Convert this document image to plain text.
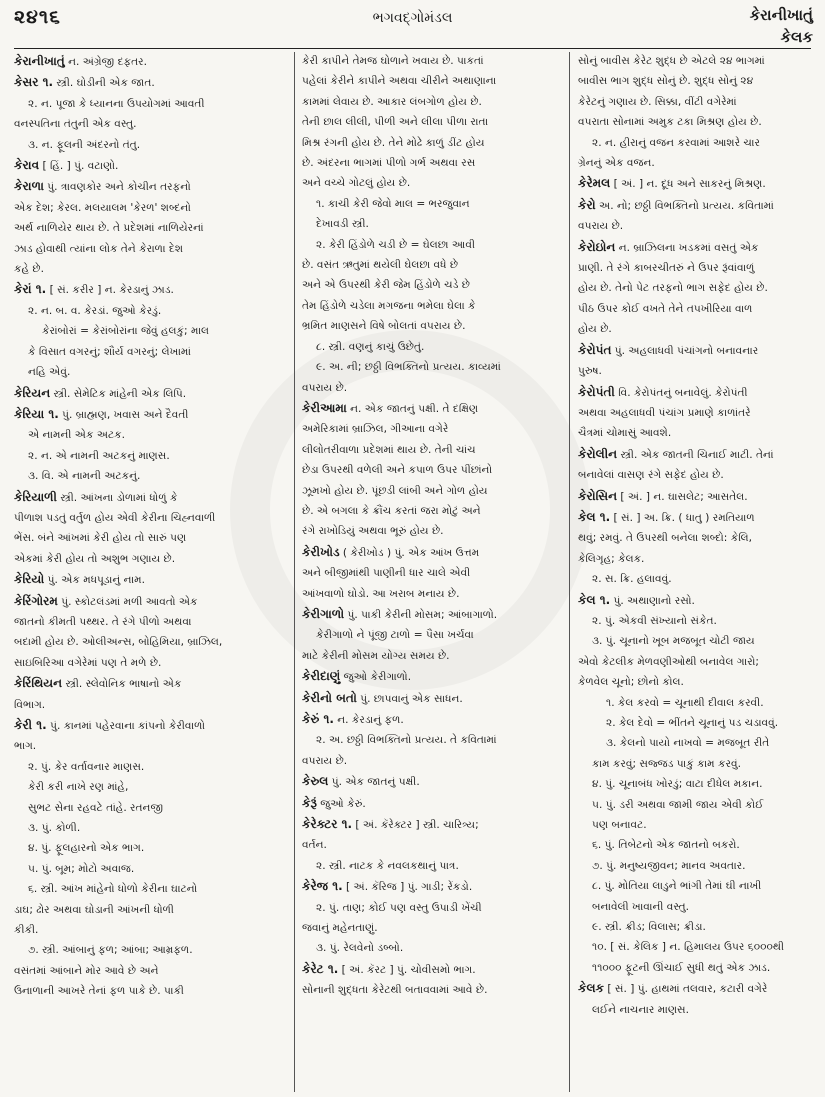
૨૪૧૬	ભગવદ્ગોમંડલ	કેરાનીખાતું
કેલક

કેરાનીખાતું ન. અંગ્રેજી દફતર.

કેસર ૧. સ્ત્રી. ઘોડીની એક જાત.

૨. ન. પૂજા કે ધ્યાનના ઉપયોગમાં આવતી

વનસ્પતિના તંતુની એક વસ્તુ.

૩. ન. ફૂલની અંદરનો તંતુ.

કેરાવ [ હિં. ] પું. વટાણો.

કેરાળા પું. ત્રાવણકોર અને કોચીન તરફનો

એક દેશ; કેરલ. મલયાલમ 'કેરળ' શબ્દનો

અર્થ નાળિયેર થાય છે. તે પ્રદેશમાં નાળિયેરનાં

ઝાડ હોવાથી ત્યાંના લોક તેને કેરાળા દેશ

કહે છે.

કેરાં ૧. [ સં. કરીર ] ન. કેરડાનું ઝાડ.

૨. ન. બ. વ. કેરડાં. જુઓ કેરડું.

કેરાંબોરાં = કેરાંબોરાંના જેવું હલકું; માલ

કે વિસાત વગરનું; શૌર્ય વગરનું; લેખામાં

નહિ એવું.

કેરિયન સ્ત્રી. સેમેટિક માંહેની એક લિપિ.

કેરિયા ૧. પું. બ્રાહ્મણ, ખવાસ અને દૈવતી

એ નામની એક અટક.

૨. ન. એ નામની અટકનું માણસ.

૩. વિ. એ નામની અટકનું.

કેરિયાળી સ્ત્રી. આંખના ડોળામાં ધોળું કે

પીળાશ પડતું વર્તુળ હોય એવી કેરીના ચિહ્નવાળી

ભેંસ. બંને આંખમાં કેરી હોય તો સારું પણ

એકમાં કેરી હોય તો અશુભ ગણાય છે.

કેરિયો પું. એક મધપૂડાનું નામ.

કેરિંગોરમ પું. સ્કોટલંડમાં મળી આવતો એક

જાતનો કીમતી પથ્થર. તે રંગે પીળો અથવા

બદામી હોય છે. ઓલીઅન્સ, બોહિમિયા, બ્રાઝિલ,

સાઇબિરિઆ વગેરેમાં પણ તે મળે છે.

કેરિંથિયન સ્ત્રી. સ્લેવોનિક ભાષાનો એક

વિભાગ.

કેરી ૧. પું. કાનમાં પહેરવાના કાંપનો કેરીવાળો

ભાગ.

૨. પું. કેર વર્તાવનાર માણસ.

કેરી કરી નાખે રણ માંહે,

સુભટ સેના રહવટે તાંહે. રતનજી

૩. પું. કોળી.

૪. પું. ફૂલહારનો એક ભાગ.

૫. પું. બૂમ; મોટો અવાજ.

૬. સ્ત્રી. આંખ માંહેનો ધોળો કેરીના ઘાટનો

ડાઘ; ઢોર અથવા ઘોડાની આંખની ધોળી

કીકી.

૭. સ્ત્રી. આંબાનું ફળ; આંબા; આમ્રફળ.

વસંતમાં આંબાને મોર આવે છે અને

ઉનાળાની આખરે તેનાં ફળ પાકે છે. પાકી

કેરી કાપીને તેમજ ઘોળાને ખવાય છે. પાકતાં

પહેલાં કેરીને કાપીને અથવા ચીરીને અથાણાના

કામમાં લેવાય છે. આકાર લંબગોળ હોય છે.

તેની છાલ લીલી, પીળી અને લીલા પીળા રાતા

મિશ્ર રંગની હોય છે. તેને મોઢે કાળું ડીંટ હોય

છે. અંદરના ભાગમાં પીળો ગર્ભ અથવા રસ

અને વચ્ચે ગોટલું હોય છે.

૧. કાચી કેરી જેવો માલ = ભરજુવાન

દેખાવડી સ્ત્રી.

૨. કેરી હિંડોળે ચડી છે = ઘેલછા આવી

છે. વસંત ઋતુમાં થયેલી ઘેલછા વધે છે

અને એ ઉપરથી કેરી જેમ હિંડોળે ચડે છે

તેમ હિંડોળે ચડેલા મગજના ભમેલા ઘેલા કે

ભ્રમિત માણસને વિષે બોલતાં વપરાય છે.

૮. સ્ત્રી. વણનું કાચું ઉછેતું.

૯. અ. ની; છઠ્ઠી વિભક્તિનો પ્રત્યય. કાવ્યમાં

વપરાય છે.

કેરીઆમા ન. એક જાતનું પક્ષી. તે દક્ષિણ

અમેરિકામાં બ્રાઝિલ, ગીઆના વગેરે

લીલોતરીવાળા પ્રદેશમાં થાય છે. તેની ચાંચ

છેડા ઉપરથી વળેલી અને કપાળ ઉપર પીંછાંનો

ઝૂમખો હોય છે. પૂંછડી લાંબી અને ગોળ હોય

છે. એ બગલા કે ક્રૌંચ કરતાં જરા મોટું અને

રંગે રાખોડિયું અથવા ભૂરું હોય છે.

કેરીખોડ ( કેરીખોડ ) પું. એક આંખ ઉત્તમ

અને બીજીમાંથી પાણીની ધાર ચાલે એવી

આંખવાળો ઘોડો. આ ખરાબ મનાય છે.

કેરીગાળો પું. પાકી કેરીની મોસમ; આંબાગાળો.

કેરીગાળો ને પૂંજી ટાળો = પૈસા ખર્ચવા

માટે કેરીની મોસમ યોગ્ય સમય છે.

કેરીદાણું જુઓ કેરીગાળો.

કેરીનો બતો પું. છાપવાનું એક સાધન.

કેરું ૧. ન. કેરડાનું ફળ.

૨. અ. છઠ્ઠી વિભક્તિનો પ્રત્યય. તે કવિતામાં

વપરાય છે.

કેરુલ પું. એક જાતનું પક્ષી.

કેરૂં જુઓ કેરું.

કેરેક્ટર ૧. [ અં. કૅરેક્ટર ] સ્ત્રી. ચારિત્ર્ય;

વર્તન.

૨. સ્ત્રી. નાટક કે નવલકથાનું પાત્ર.

કેરેજ ૧. [ અં. કૅરિજ ] પું. ગાડી; રેંકડો.

૨. પું. તાણ; કોઈ પણ વસ્તુ ઉપાડી ખેંચી

જવાનું મહેનતાણું.

૩. પું. રેલવેનો ડબ્બો.

કેરેટ ૧. [ અં. કૅરટ ] પું. ચોવીસમો ભાગ.

સોનાની શુદ્ધતા કેરેટથી બતાવવામાં આવે છે.

સોનું બાવીસ કેરેટ શુદ્ધ છે એટલે ૨૪ ભાગમાં

બાવીસ ભાગ શુદ્ધ સોનું છે. શુદ્ધ સોનું ૨૪

કેરેટનું ગણાય છે. સિક્કા, વીંટી વગેરેમાં

વપરાતા સોનામાં અમુક ટકા મિશ્રણ હોય છે.

૨. ન. હીરાનું વજન કરવામાં આશરે ચાર

ગ્રેનનું એક વજન.

કેરેમલ [ અં. ] ન. દૂધ અને સાકરનું મિશ્રણ.

કેરો અ. નો; છઠ્ઠી વિભક્તિનો પ્રત્યય. કવિતામાં

વપરાય છે.

કેરોઇોન ન. બ્રાઝિલના ખડકમાં વસતું એક

પ્રાણી. તે રંગે કાબરચીતરું ને ઉપર રૂંવાંવાળું

હોય છે. તેનો પેટ તરફનો ભાગ સફેદ હોય છે.

પીઠ ઉપર કોઈ વખતે તેને તપખીરિયા વાળ

હોય છે.

કેરોપંત પું. અહલાધવી પંચાંગનો બનાવનાર

પુરુષ.

કેરોપંતી વિ. કેરોપંતનું બનાવેલું. કેરોપંતી

અથવા અહલાધવી પંચાંગ પ્રમાણે કાળાંતરે

ચૈત્રમાં ચોમાસું આવશે.

કેરોલીન સ્ત્રી. એક જાતની ચિનાઈ માટી. તેનાં

બનાવેલાં વાસણ રંગે સફેદ હોય છે.

કેરોસિન [ અં. ] ન. ઘાસલેટ; આસતેલ.

કેલ ૧. [ સં. ] અ. ક્રિ. ( ધાતુ ) રમતિયાળ

થવું; રમવું. તે ઉપરથી બનેલા શબ્દો: કેલિ,

કેલિગૃહ; કેલક.

૨. સ. ક્રિ. હલાવવું.

કેલ ૧. પું. અથાણાનો રસો.

૨. પું. એકવી સંખ્યાનો સંકેત.

૩. પું. ચૂનાનો ખૂબ મજબૂત ચોટી જાય

એવો કેટલીક મેળવણીઓથી બનાવેલ ગારો;

કેળવેલ ચૂનો; છોનો કોલ.

૧. કેલ કરવો = ચૂનાથી દીવાલ કરવી.

૨. કેલ દેવો = ભીંતને ચૂનાનું પડ ચડાવવું.

૩. કેલનો પાયો નાખવો = મજબૂત રીતે

કામ કરવું; સજ્જડ પાકું કામ કરવું.

૪. પું. ચૂનાબંધ ખોરડું; વાટા દીધેલ મકાન.

૫. પું. ડરી અથવા જામી જાય એવી કોઈ

પણ બનાવટ.

૬. પું. તિબેટનો એક જાતનો બકરો.

૭. પું. મનુષ્યજીવન; માનવ અવતાર.

૮. પું. મોતિયા લાડુને ભાંગી તેમાં ઘી નાખી

બનાવેલી ખાવાની વસ્તુ.

૯. સ્ત્રી. ક્રીડ; વિલાસ; ક્રીડા.

૧૦. [ સં. કેલિક ] ન. હિમાલય ઉપર ૬૦૦૦થી

૧૧૦૦૦ ફૂટની ઊંચાઈ સુધી થતું એક ઝાડ.

કેલક [ સં. ] પું. હાથમાં તલવાર, કટારી વગેરે

લઈને નાચનાર માણસ.
